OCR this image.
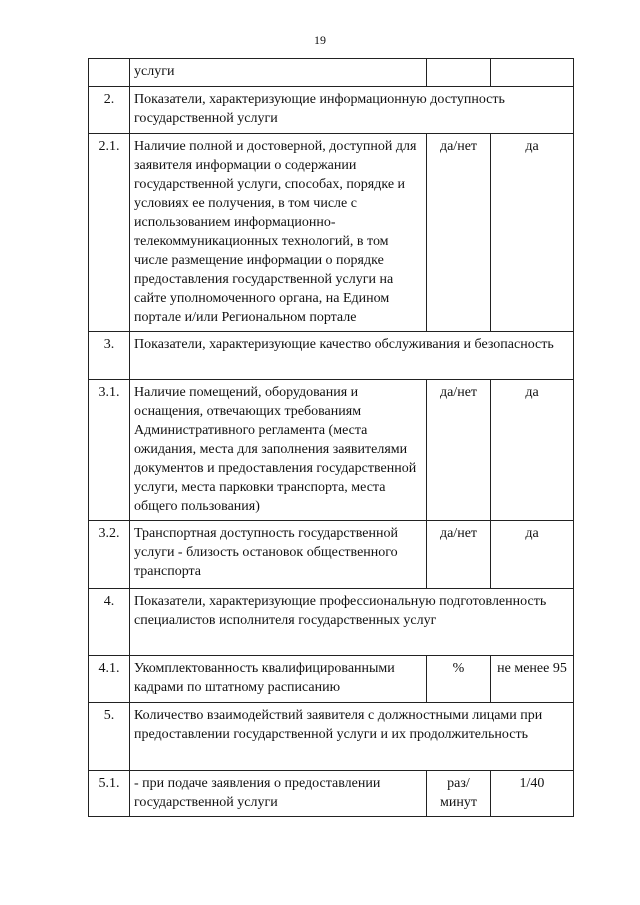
19
	услуги		
2.	Показатели, характеризующие информационную доступность государственной услуги		
2.1.	Наличие полной и достоверной, доступной для заявителя информации о содержании государственной услуги, способах, порядке и условиях ее получения, в том числе с использованием информационно-телекоммуникационных технологий, в том числе размещение информации о порядке предоставления государственной услуги на сайте уполномоченного органа, на Едином портале и/или Региональном портале	да/нет	да
3.	Показатели, характеризующие качество обслуживания и безопасность		
3.1.	Наличие помещений, оборудования и оснащения, отвечающих требованиям Административного регламента (места ожидания, места для заполнения заявителями документов и предоставления государственной услуги, места парковки транспорта, места общего пользования)	да/нет	да
3.2.	Транспортная доступность государственной услуги - близость остановок общественного транспорта	да/нет	да
4.	Показатели, характеризующие профессиональную подготовленность специалистов исполнителя государственных услуг		
4.1.	Укомплектованность квалифицированными кадрами по штатному расписанию	%	не менее 95
5.	Количество взаимодействий заявителя с должностными лицами при предоставлении государственной услуги и их продолжительность		
5.1.	- при подаче заявления о предоставлении государственной услуги	раз/минут	1/40
